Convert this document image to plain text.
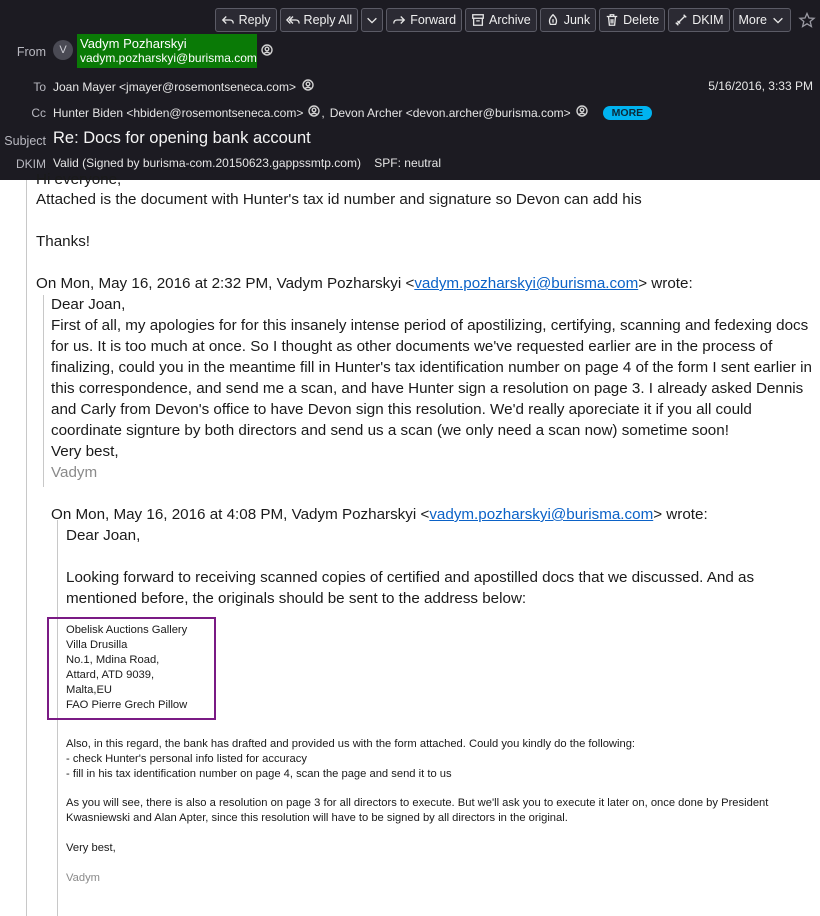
Reply	Reply All	Forward	Archive	Junk	Delete	DKIM More
From	V	Vadym Pozharskyi
vadym.pozharskyi@burisma.com
To Joan Mayer <jmayer@rosemontseneca.com>	5/16/2016, 3:33 PM
Cc Hunter Biden <hbiden@rosemontseneca.com> , Devon Archer <devon.archer@burisma.com>	MORE
Subject Re: Docs for opening bank account
DKIM Valid (Signed by burisma-com.20150623.gappssmtp.com) SPF: neutral
Hi everyone,
Attached is the document with Hunter's tax id number and signature so Devon can add his
Thanks!
On Mon, May 16, 2016 at 2:32 PM, Vadym Pozharskyi <vadym.pozharskyi@burisma.com> wrote:

Dear Joan,

First of all, my apologies for for this insanely intense period of apostilizing, certifying, scanning and fedexing docs for us. It is too much at once. So I thought as other documents we've requested earlier are in the process of finalizing, could you in the meantime fill in Hunter's tax identification number on page 4 of the form I sent earlier in this correspondence, and send me a scan, and have Hunter sign a resolution on page 3. I already asked Dennis and Carly from Devon's office to have Devon sign this resolution. We'd really aporeciate it if you all could coordinate signture by both directors and send us a scan (we only need a scan now) sometime soon!

Very best,

Vadym

On Mon, May 16, 2016 at 4:08 PM, Vadym Pozharskyi <vadym.pozharskyi@burisma.com> wrote:

Dear Joan,

Looking forward to receiving scanned copies of certified and apostilled docs that we discussed. And as mentioned before, the originals should be sent to the address below:

Obelisk Auctions Gallery
Villa Drusilla
No.1, Mdina Road,
Attard, ATD 9039,
Malta,EU
FAO Pierre Grech Pillow

Also, in this regard, the bank has drafted and provided us with the form attached. Could you kindly do the following:

- check Hunter's personal info listed for accuracy

- fill in his tax identification number on page 4, scan the page and send it to us

As you will see, there is also a resolution on page 3 for all directors to execute. But we'll ask you to execute it later on, once done by President Kwasniewski and Alan Apter, since this resolution will have to be signed by all directors in the original.

Very best,
Vadym
